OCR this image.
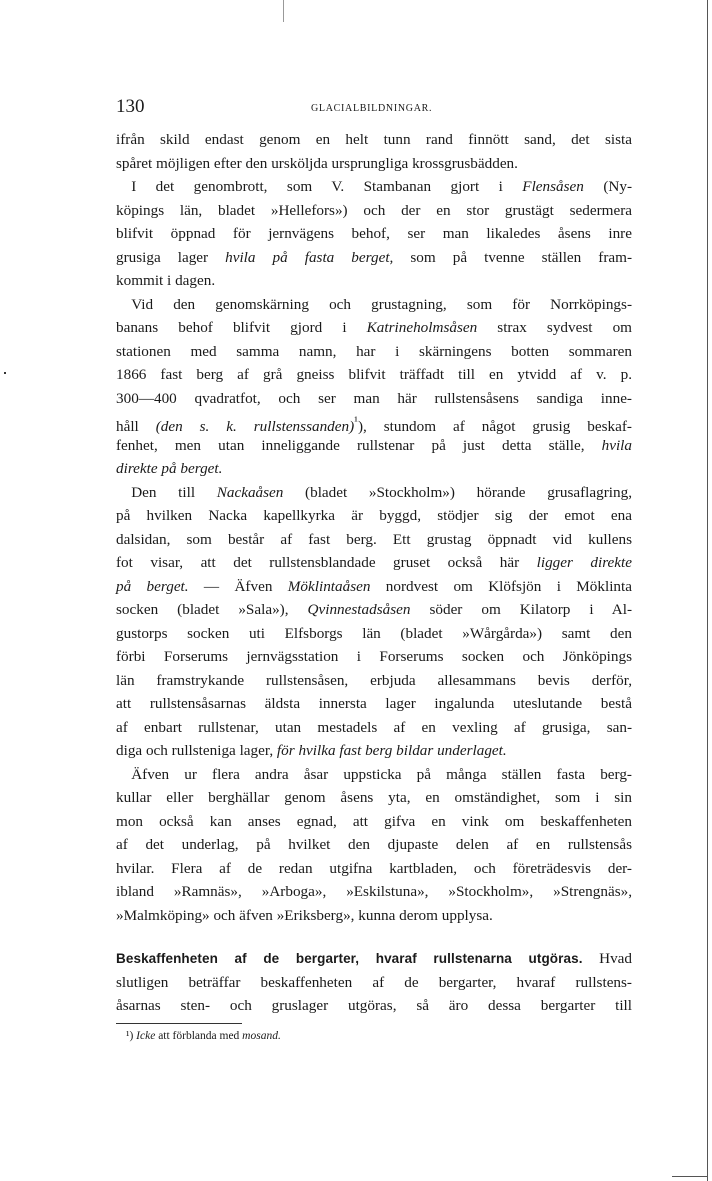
130	GLACIALBILDNINGAR.
ifrån skild endast genom en helt tunn rand finnött sand, det sista
spåret möjligen efter den ursköljda ursprungliga krossgrusbädden.
 I det genombrott, som V. Stambanan gjort i Flensåsen (Ny-
köpings län, bladet »Hellefors») och der en stor grustägt sedermera
blifvit öppnad för jernvägens behof, ser man likaledes åsens inre
grusiga lager hvila på fasta berget, som på tvenne ställen fram-
kommit i dagen.
 Vid den genomskärning och grustagning, som för Norrköpings-
banans behof blifvit gjord i Katrineholmsåsen strax sydvest om
stationen med samma namn, har i skärningens botten sommaren
1866 fast berg af grå gneiss blifvit träffadt till en ytvidd af v. p.
300—400 qvadratfot, och ser man här rullstensåsens sandiga inne-
håll (den s. k. rullstenssanden)$^{^1}$), stundom af något grusig beskaf-
fenhet, men utan inneliggande rullstenar på just detta ställe, hvila
direkte på berget.
 Den till Nackaåsen (bladet »Stockholm») hörande grusaflagring,
på hvilken Nacka kapellkyrka är byggd, stödjer sig der emot ena
dalsidan, som består af fast berg. Ett grustag öppnadt vid kullens
fot visar, att det rullstensblandade gruset också här ligger direkte
på berget. — Äfven Möklintaåsen nordvest om Klöfsjön i Möklinta
socken (bladet »Sala»), Qvinnestadsåsen söder om Kilatorp i Al-
gustorps socken uti Elfsborgs län (bladet »Wårgårda») samt den
förbi Forserums jernvägsstation i Forserums socken och Jönköpings
län framstrykande rullstensåsen, erbjuda allesammans bevis derför,
att rullstensåsarnas äldsta innersta lager ingalunda uteslutande bestå
af enbart rullstenar, utan mestadels af en vexling af grusiga, san-
diga och rullsteniga lager, för hvilka fast berg bildar underlaget.
 Äfven ur flera andra åsar uppsticka på många ställen fasta berg-
kullar eller berghällar genom åsens yta, en omständighet, som i sin
mon också kan anses egnad, att gifva en vink om beskaffenheten
af det underlag, på hvilket den djupaste delen af en rullstensås
hvilar. Flera af de redan utgifna kartbladen, och företrädesvis der-
ibland »Ramnäs», »Arboga», »Eskilstuna», »Stockholm», »Strengnäs»,
»Malmköping» och äfven »Eriksberg», kunna derom upplysa.
Beskaffenheten af de bergarter, hvaraf rullstenarna utgöras. Hvad
slutligen beträffar beskaffenheten af de bergarter, hvaraf rullstens-
åsarnas sten- och gruslager utgöras, så äro dessa bergarter till
¹) Icke att förblanda med mosand.
